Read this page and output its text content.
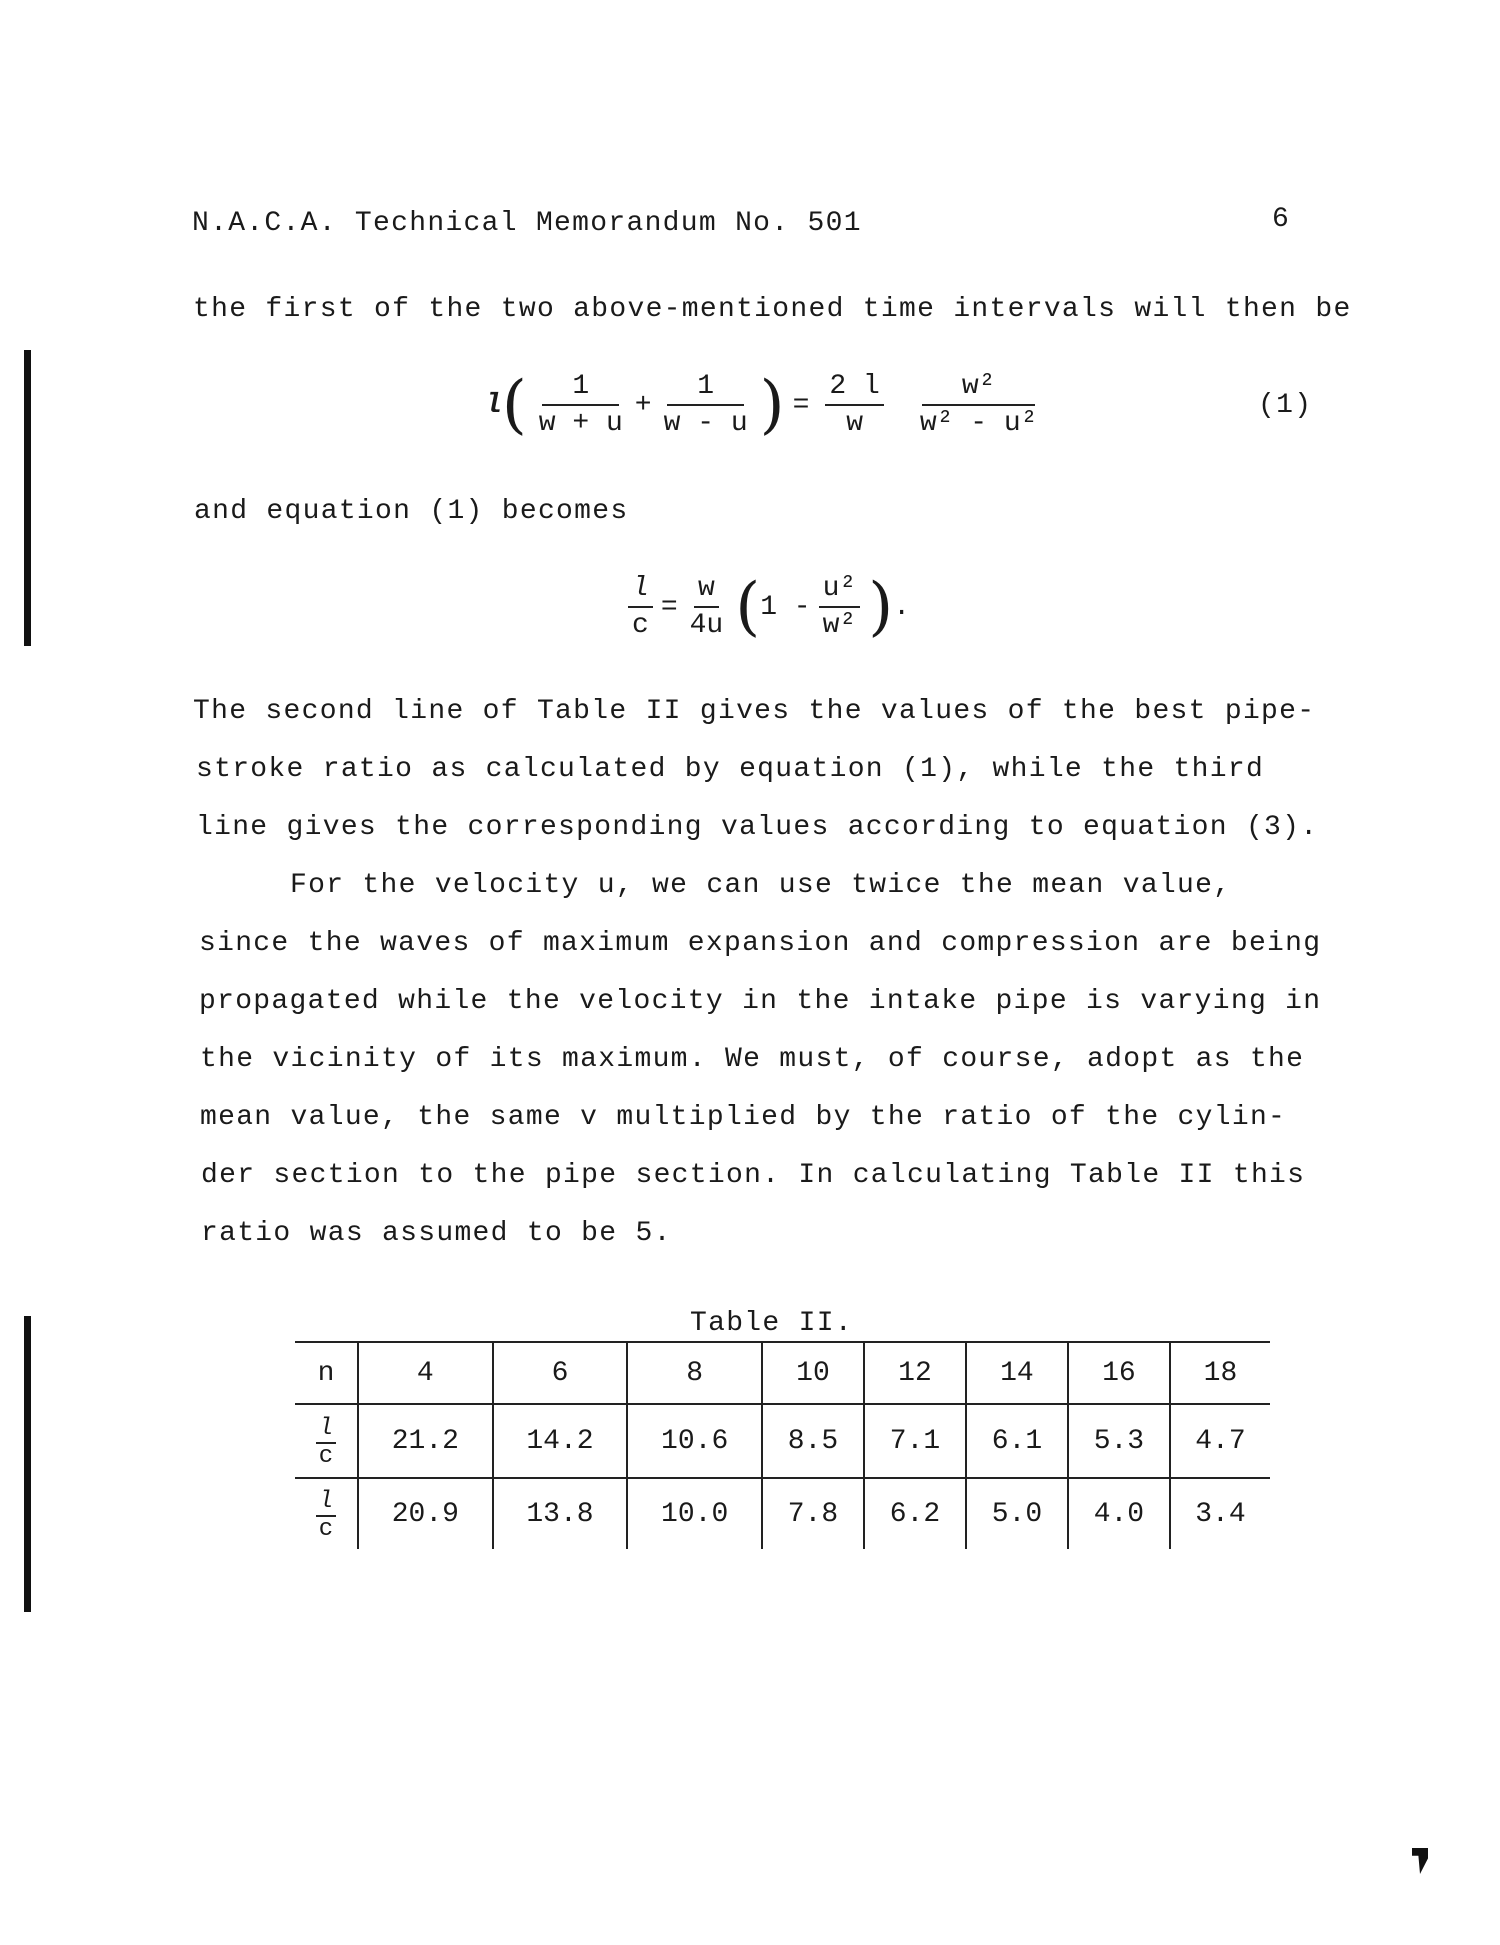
N.A.C.A. Technical Memorandum No. 501	6
the first of the two above-mentioned time intervals will then be
l ( $\frac{1}{w + u} + \frac{1}{w - u}$ ) = $\frac{2 l}{w} \frac{\text{w²}}{\text{w² - u²}}$	(1)
and equation (1) becomes
$\frac{l}{c} = \frac{w}{4u}$ ( $1 - \frac{\text{u²}}{\text{w²}}$ ) .
The second line of Table II gives the values of the best pipe-
stroke ratio as calculated by equation (1), while the third
line gives the corresponding values according to equation (3).
For the velocity u, we can use twice the mean value,
since the waves of maximum expansion and compression are being
propagated while the velocity in the intake pipe is varying in
the vicinity of its maximum. We must, of course, adopt as the
mean value, the same v multiplied by the ratio of the cylin-
der section to the pipe section. In calculating Table II this
ratio was assumed to be 5.
Table II.
n	4	6	8	10	12	14	16	18

$\frac{l}{c}$	21.2	14.2	10.6	8.5	7.1	6.1	5.3	4.7

$\frac{l}{c}$	20.9	13.8	10.0	7.8	6.2	5.0	4.0	3.4
